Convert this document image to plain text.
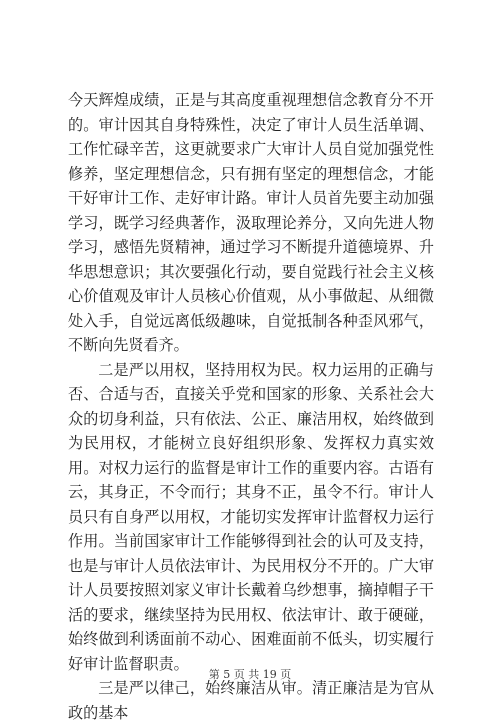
今天辉煌成绩，正是与其高度重视理想信念教育分不开的。审计因其自身特殊性，决定了审计人员生活单调、工作忙碌辛苦，这更就要求广大审计人员自觉加强党性修养，坚定理想信念，只有拥有坚定的理想信念，才能干好审计工作、走好审计路。审计人员首先要主动加强学习，既学习经典著作，汲取理论养分，又向先进人物学习，感悟先贤精神，通过学习不断提升道德境界、升华思想意识；其次要强化行动，要自觉践行社会主义核心价值观及审计人员核心价值观，从小事做起、从细微处入手，自觉远离低级趣味，自觉抵制各种歪风邪气，不断向先贤看齐。

二是严以用权，坚持用权为民。权力运用的正确与否、合适与否，直接关乎党和国家的形象、关系社会大众的切身利益，只有依法、公正、廉洁用权，始终做到为民用权，才能树立良好组织形象、发挥权力真实效用。对权力运行的监督是审计工作的重要内容。古语有云，其身正，不令而行；其身不正，虽令不行。审计人员只有自身严以用权，才能切实发挥审计监督权力运行作用。当前国家审计工作能够得到社会的认可及支持，也是与审计人员依法审计、为民用权分不开的。广大审计人员要按照刘家义审计长戴着乌纱想事，摘掉帽子干活的要求，继续坚持为民用权、依法审计、敢于硬碰，始终做到利诱面前不动心、困难面前不低头，切实履行好审计监督职责。

三是严以律己，始终廉洁从审。清正廉洁是为官从政的基本

第 5 页 共 19 页
